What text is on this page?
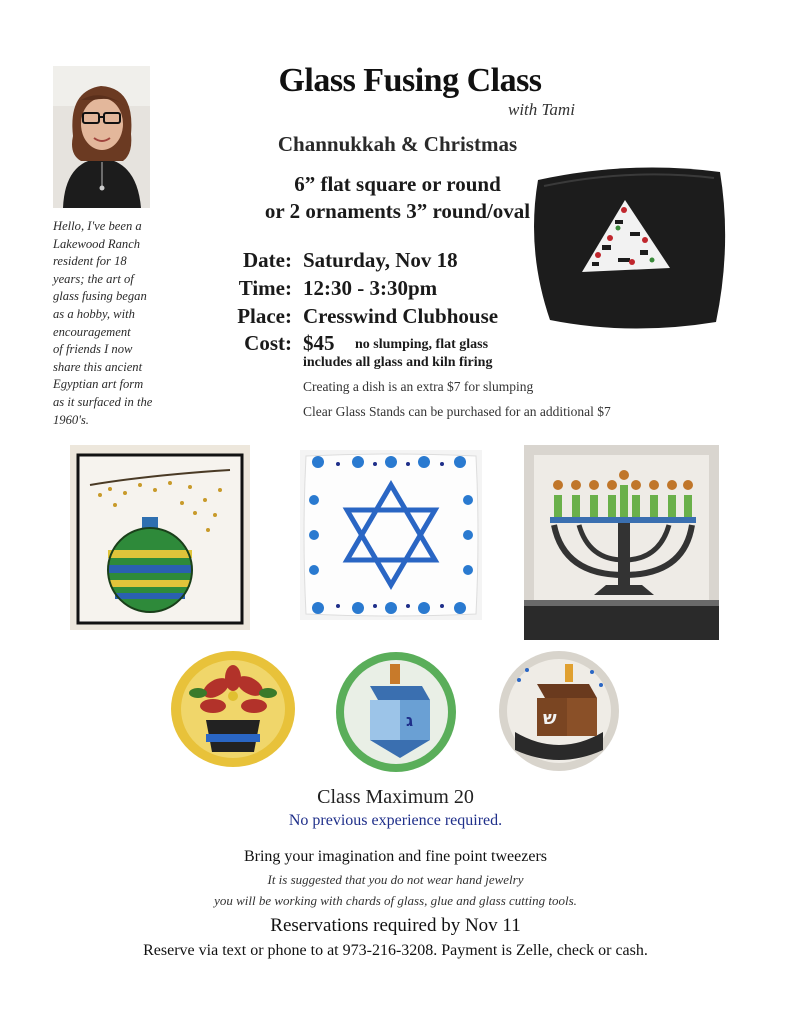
Hello, I've been a
Lakewood Ranch
resident for 18
years; the art of
glass fusing began
as a hobby, with
encouragement
of friends I now
share this ancient
Egyptian art form
as it surfaced in the
1960's.
Glass Fusing Class
with Tami
Channukkah & Christmas
6” flat square or round
or 2 ornaments 3” round/oval
Date: Saturday, Nov 18
Time: 12:30 - 3:30pm
Place: Cresswind Clubhouse
Cost: $45 no slumping, flat glass
includes all glass and kiln firing
Creating a dish is an extra $7 for slumping
Clear Glass Stands can be purchased for an additional $7
ג	ש
Class Maximum 20
No previous experience required.
Bring your imagination and fine point tweezers
It is suggested that you do not wear hand jewelry
you will be working with chards of glass, glue and glass cutting tools.
Reservations required by Nov 11
Reserve via text or phone to at 973-216-3208. Payment is Zelle, check or cash.
